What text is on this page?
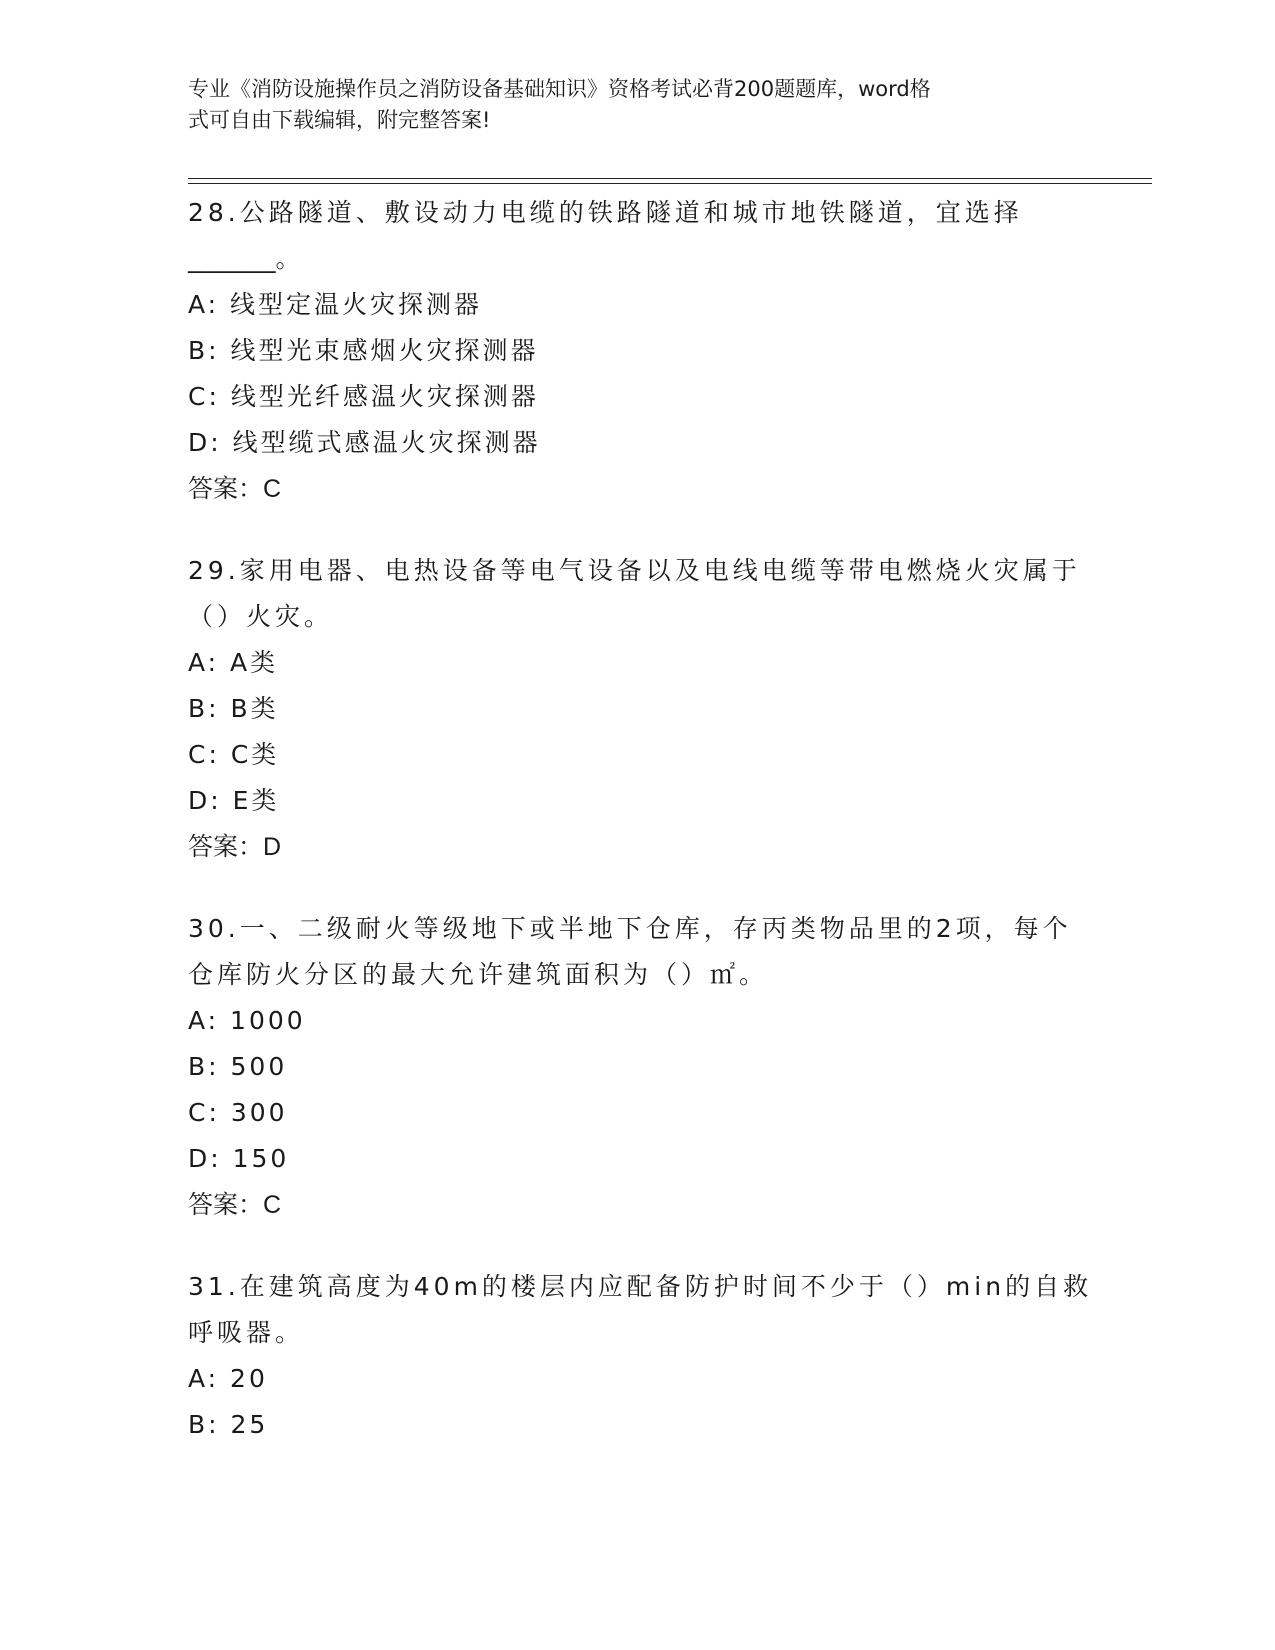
专业《消防设施操作员之消防设备基础知识》资格考试必背200题题库，word格

式可自由下载编辑，附完整答案!

28.公路隧道、敷设动力电缆的铁路隧道和城市地铁隧道，宜选择
_______。
A: 线型定温火灾探测器
B: 线型光束感烟火灾探测器
C: 线型光纤感温火灾探测器
D: 线型缆式感温火灾探测器
答案：C
29.家用电器、电热设备等电气设备以及电线电缆等带电燃烧火灾属于
（）火灾。
A: A类
B: B类
C: C类
D: E类
答案：D
30.一、二级耐火等级地下或半地下仓库，存丙类物品里的2项，每个
仓库防火分区的最大允许建筑面积为（）㎡。
A: 1000
B: 500
C: 300
D: 150
答案：C
31.在建筑高度为40m的楼层内应配备防护时间不少于（）min的自救
呼吸器。
A: 20
B: 25
